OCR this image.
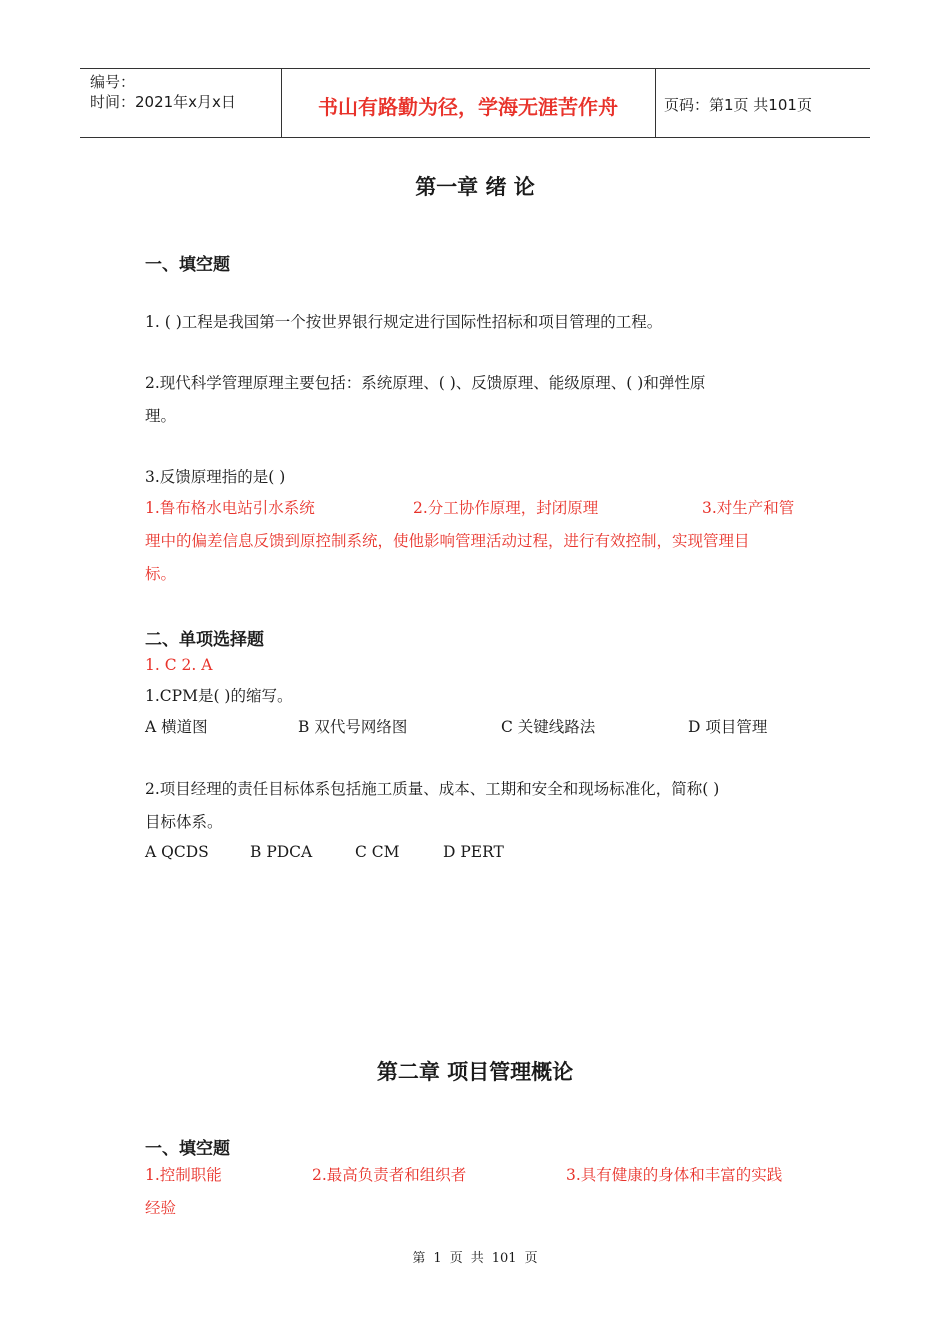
编号：
时间：2021年x月x日	书山有路勤为径，学海无涯苦作舟	页码：第1页 共101页
第一章 绪 论
一、填空题
1. ( )工程是我国第一个按世界银行规定进行国际性招标和项目管理的工程。
2.现代科学管理原理主要包括：系统原理、( )、反馈原理、能级原理、( )和弹性原
理。
3.反馈原理指的是( )
1.鲁布格水电站引水系统	2.分工协作原理，封闭原理	3.对生产和管
理中的偏差信息反馈到原控制系统，使他影响管理活动过程，进行有效控制，实现管理目
标。
二、单项选择题
1. C 2. A
1.CPM是( )的缩写。
A 横道图	B 双代号网络图	C 关键线路法	D 项目管理
2.项目经理的责任目标体系包括施工质量、成本、工期和安全和现场标准化，简称( )
目标体系。
A QCDS	B PDCA	C CM	D PERT
第二章 项目管理概论
一、填空题
1.控制职能	2.最高负责者和组织者	3.具有健康的身体和丰富的实践
经验
第 1 页 共 101 页
